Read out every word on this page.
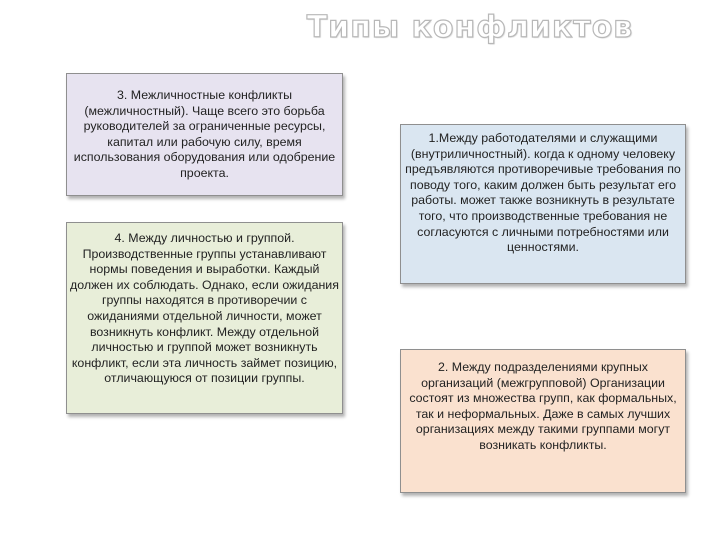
Типы конфликтов

3. Межличностные конфликты (межличностный). Чаще всего это борьба руководителей за ограниченные ресурсы, капитал или рабочую силу, время использования оборудования или одобрение проекта.

4. Между личностью и группой. Производственные группы устанавливают нормы поведения и выработки. Каждый должен их соблюдать. Однако, если ожидания группы находятся в противоречии с ожиданиями отдельной личности, может возникнуть конфликт. Между отдельной личностью и группой может возникнуть конфликт, если эта личность займет позицию, отличающуюся от позиции группы.

1.Между работодателями и служащими (внутриличностный). когда к одному человеку предъявляются противоречивые требования по поводу того, каким должен быть результат его работы. может также возникнуть в результате того, что производственные требования не согласуются с личными потребностями или ценностями.

2. Между подразделениями крупных организаций (межгрупповой) Организации состоят из множества групп, как формальных, так и неформальных. Даже в самых лучших организациях между такими группами могут возникать конфликты.
